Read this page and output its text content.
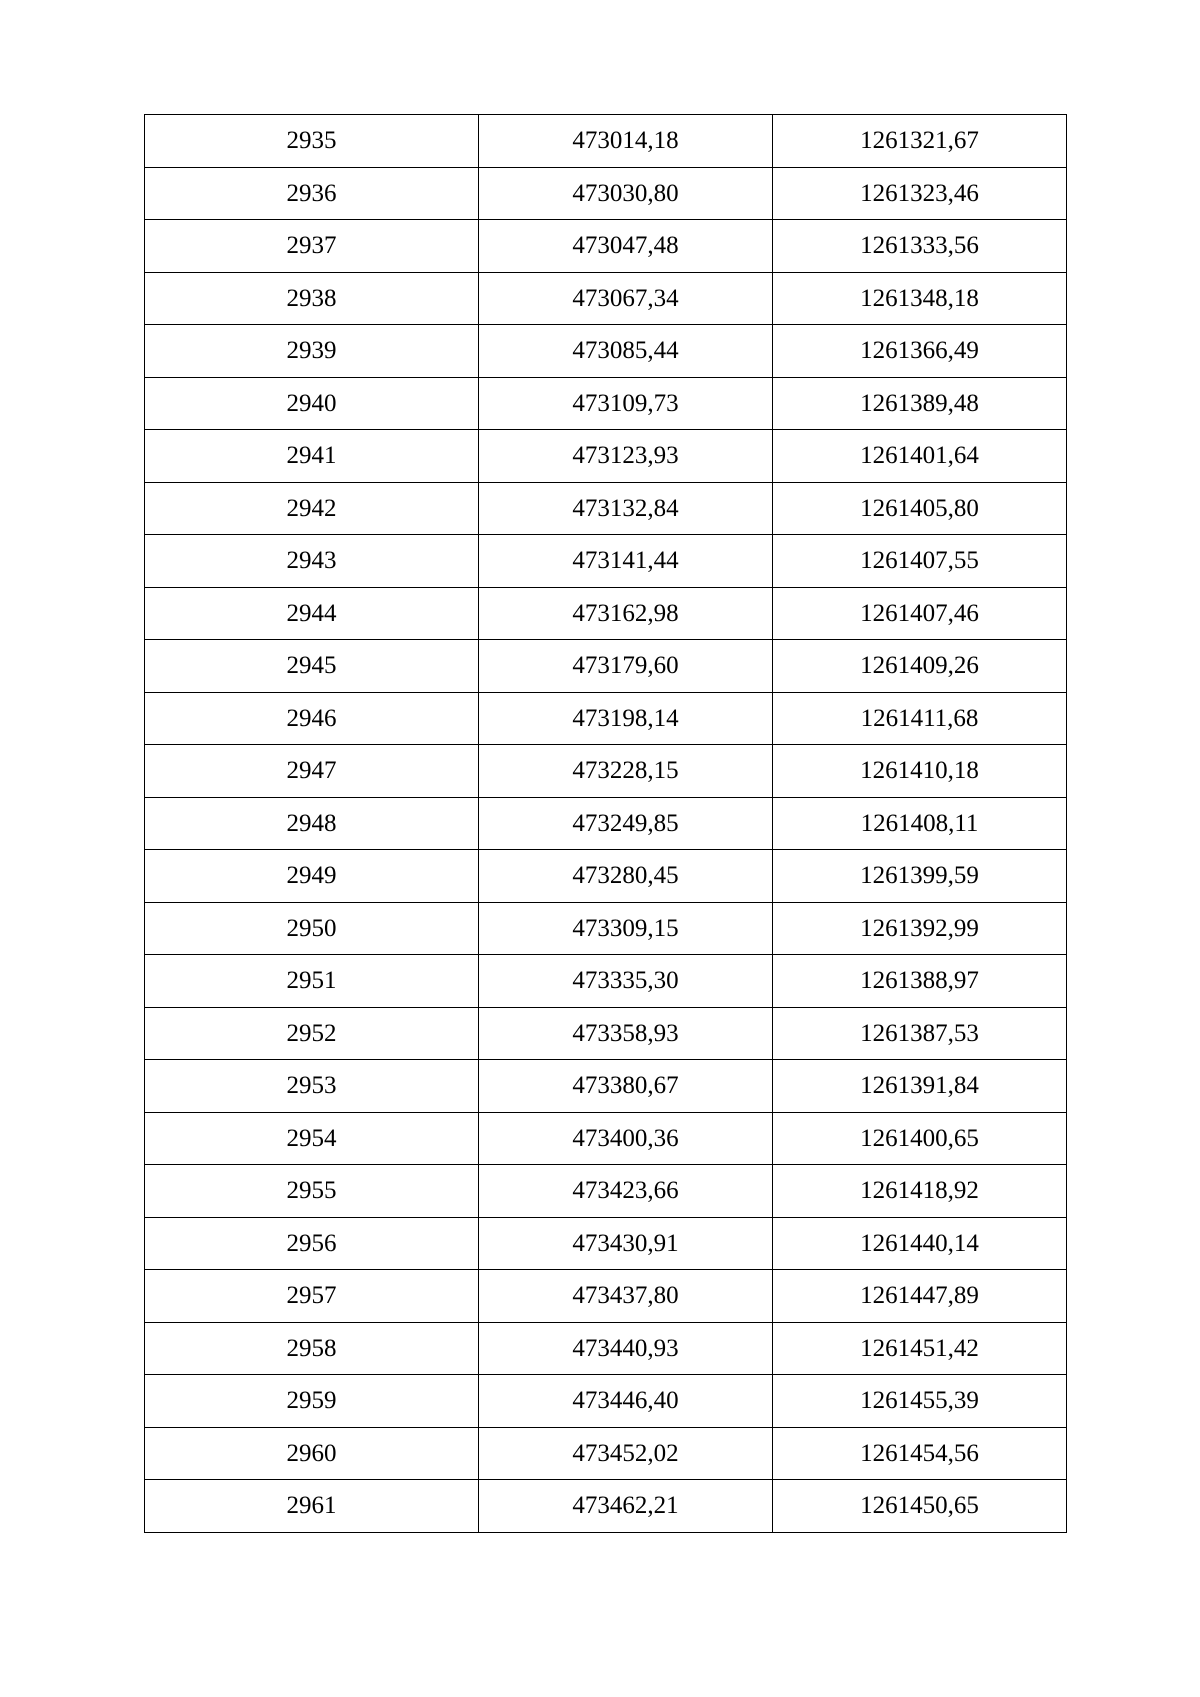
2935	473014,18	1261321,67
2936	473030,80	1261323,46
2937	473047,48	1261333,56
2938	473067,34	1261348,18
2939	473085,44	1261366,49
2940	473109,73	1261389,48
2941	473123,93	1261401,64
2942	473132,84	1261405,80
2943	473141,44	1261407,55
2944	473162,98	1261407,46
2945	473179,60	1261409,26
2946	473198,14	1261411,68
2947	473228,15	1261410,18
2948	473249,85	1261408,11
2949	473280,45	1261399,59
2950	473309,15	1261392,99
2951	473335,30	1261388,97
2952	473358,93	1261387,53
2953	473380,67	1261391,84
2954	473400,36	1261400,65
2955	473423,66	1261418,92
2956	473430,91	1261440,14
2957	473437,80	1261447,89
2958	473440,93	1261451,42
2959	473446,40	1261455,39
2960	473452,02	1261454,56
2961	473462,21	1261450,65
